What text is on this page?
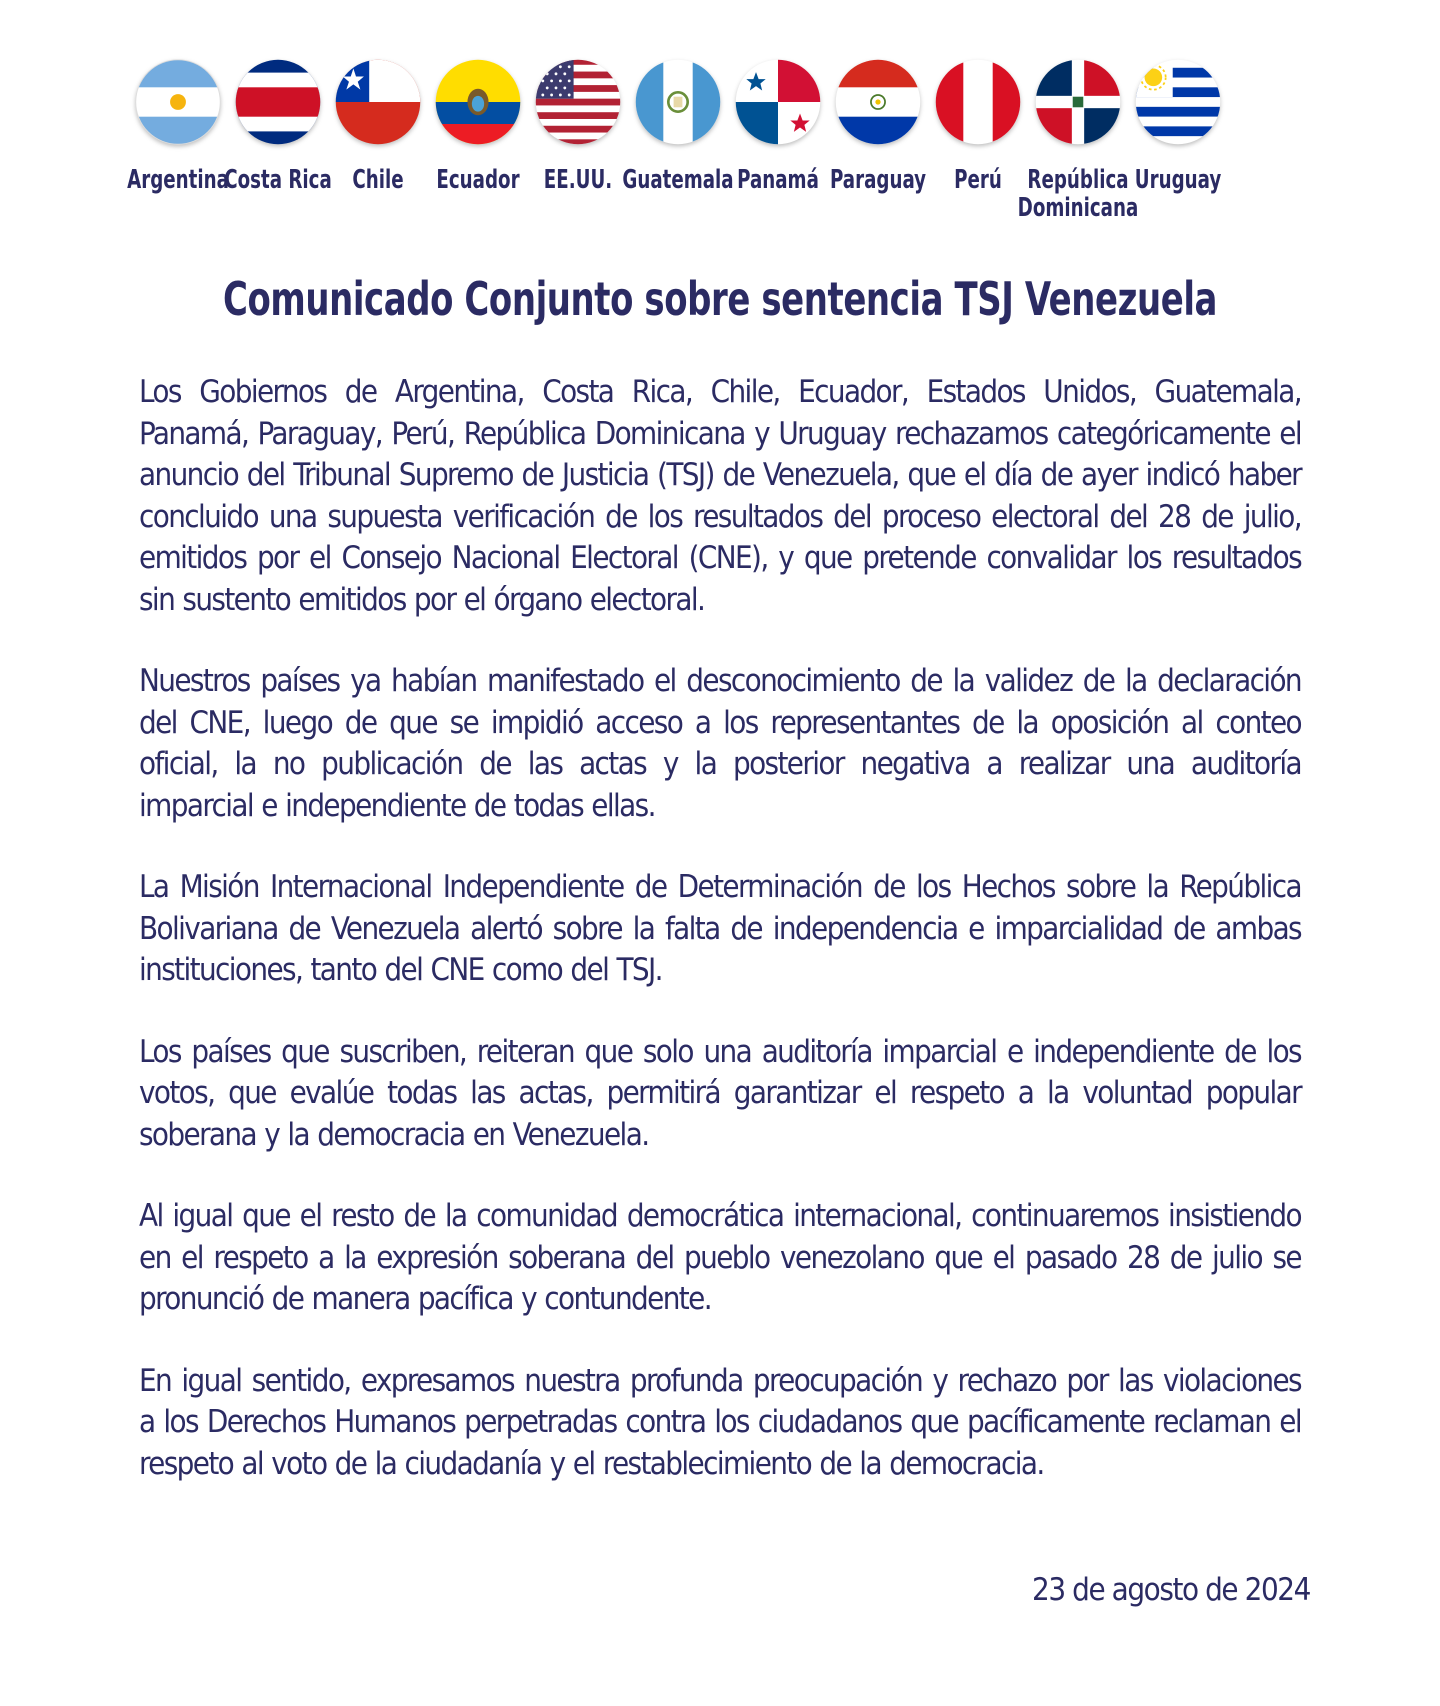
Argentina
Costa Rica Chile	Ecuador EE.UU. Guatemala Panamá Paraguay	Perú República
Dominicana
Uruguay
Comunicado Conjunto sobre sentencia TSJ Venezuela

Los Gobiernos de Argentina, Costa Rica, Chile, Ecuador, Estados Unidos, Guatemala, Panamá, Paraguay, Perú, República Dominicana y Uruguay rechazamos categóricamente el anuncio del Tribunal Supremo de Justicia (TSJ) de Venezuela, que el día de ayer indicó haber concluido una supuesta verificación de los resultados del proceso electoral del 28 de julio, emitidos por el Consejo Nacional Electoral (CNE), y que pretende convalidar los resultados sin sustento emitidos por el órgano electoral.

Nuestros países ya habían manifestado el desconocimiento de la validez de la declaración del CNE, luego de que se impidió acceso a los representantes de la oposición al conteo oficial, la no publicación de las actas y la posterior negativa a realizar una auditoría imparcial e independiente de todas ellas.

La Misión Internacional Independiente de Determinación de los Hechos sobre la República Bolivariana de Venezuela alertó sobre la falta de independencia e imparcialidad de ambas instituciones, tanto del CNE como del TSJ.

Los países que suscriben, reiteran que solo una auditoría imparcial e independiente de los votos, que evalúe todas las actas, permitirá garantizar el respeto a la voluntad popular soberana y la democracia en Venezuela.

Al igual que el resto de la comunidad democrática internacional, continuaremos insistiendo en el respeto a la expresión soberana del pueblo venezolano que el pasado 28 de julio se pronunció de manera pacífica y contundente.

En igual sentido, expresamos nuestra profunda preocupación y rechazo por las violaciones a los Derechos Humanos perpetradas contra los ciudadanos que pacíficamente reclaman el respeto al voto de la ciudadanía y el restablecimiento de la democracia.

23 de agosto de 2024
